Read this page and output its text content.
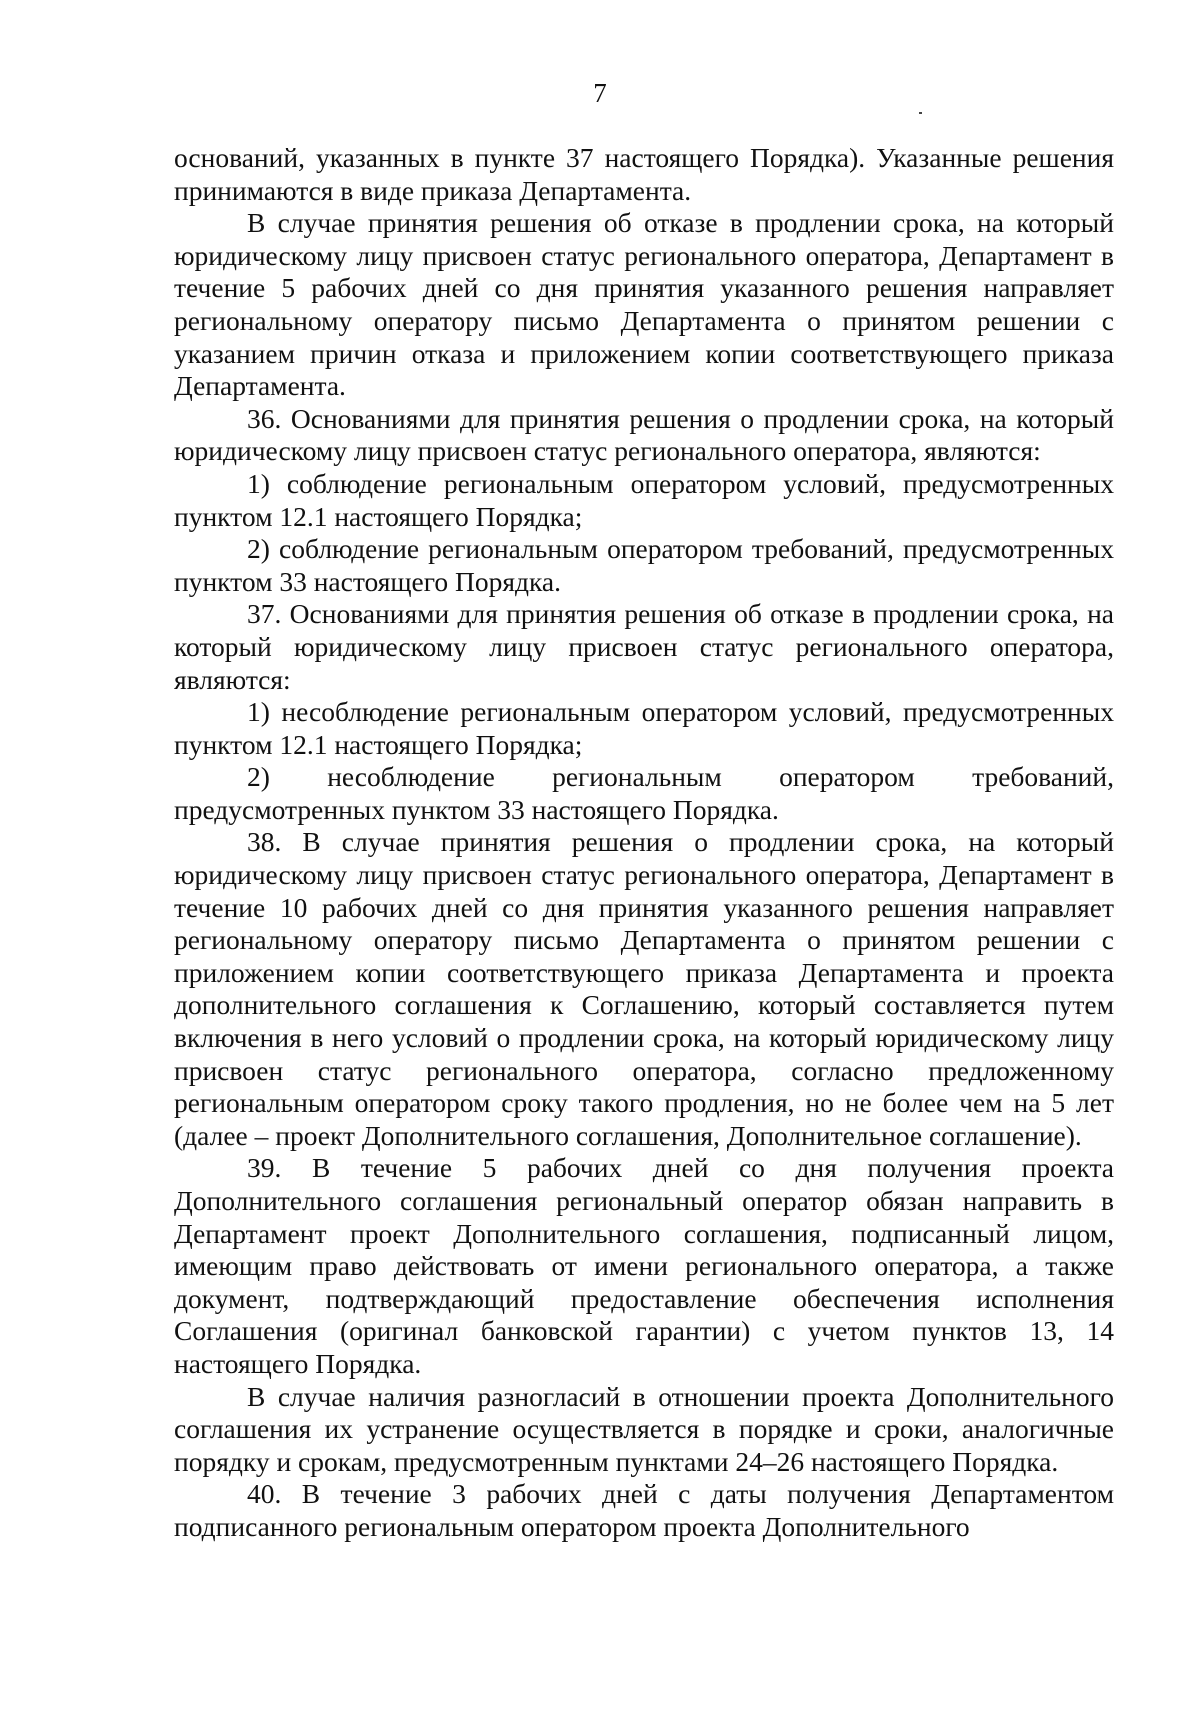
7

оснований, указанных в пункте 37 настоящего Порядка). Указанные решения принимаются в виде приказа Департамента.

В случае принятия решения об отказе в продлении срока, на который юридическому лицу присвоен статус регионального оператора, Департамент в течение 5 рабочих дней со дня принятия указанного решения направляет региональному оператору письмо Департамента о принятом решении с указанием причин отказа и приложением копии соответствующего приказа Департамента.

36. Основаниями для принятия решения о продлении срока, на который юридическому лицу присвоен статус регионального оператора, являются:

1) соблюдение региональным оператором условий, предусмотренных пунктом 12.1 настоящего Порядка;

2) соблюдение региональным оператором требований, предусмотренных пунктом 33 настоящего Порядка.

37. Основаниями для принятия решения об отказе в продлении срока, на который юридическому лицу присвоен статус регионального оператора, являются:

1) несоблюдение региональным оператором условий, предусмотренных пунктом 12.1 настоящего Порядка;

2) несоблюдение региональным оператором требований, предусмотренных пунктом 33 настоящего Порядка.

38. В случае принятия решения о продлении срока, на который юридическому лицу присвоен статус регионального оператора, Департамент в течение 10 рабочих дней со дня принятия указанного решения направляет региональному оператору письмо Департамента о принятом решении с приложением копии соответствующего приказа Департамента и проекта дополнительного соглашения к Соглашению, который составляется путем включения в него условий о продлении срока, на который юридическому лицу присвоен статус регионального оператора, согласно предложенному региональным оператором сроку такого продления, но не более чем на 5 лет (далее – проект Дополнительного соглашения, Дополнительное соглашение).

39. В течение 5 рабочих дней со дня получения проекта Дополнительного соглашения региональный оператор обязан направить в Департамент проект Дополнительного соглашения, подписанный лицом, имеющим право действовать от имени регионального оператора, а также документ, подтверждающий предоставление обеспечения исполнения Соглашения (оригинал банковской гарантии) с учетом пунктов 13, 14 настоящего Порядка.

В случае наличия разногласий в отношении проекта Дополнительного соглашения их устранение осуществляется в порядке и сроки, аналогичные порядку и срокам, предусмотренным пунктами 24–26 настоящего Порядка.

40. В течение 3 рабочих дней с даты получения Департаментом подписанного региональным оператором проекта Дополнительного
